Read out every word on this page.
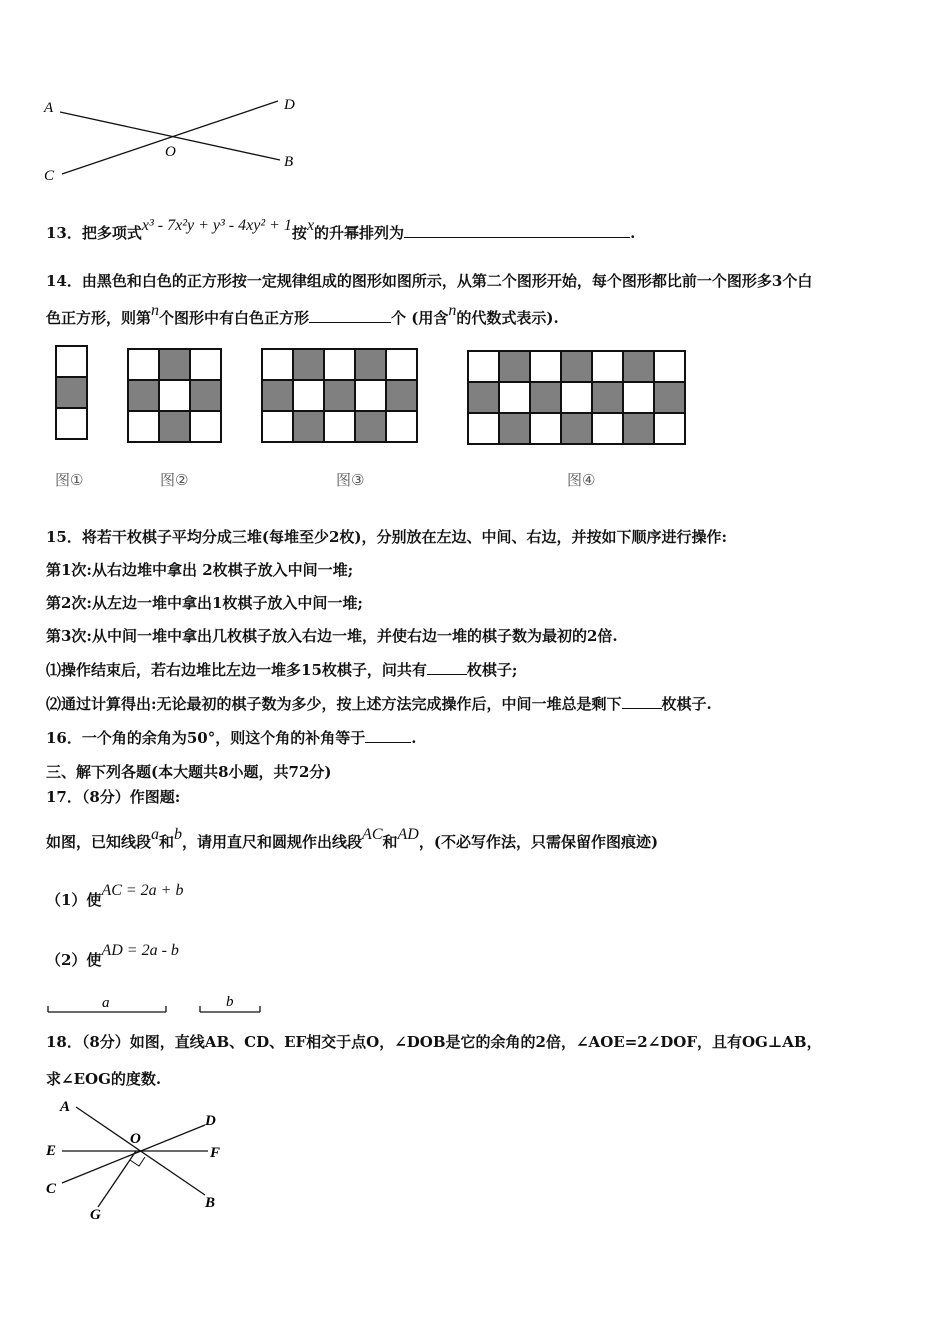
A	D
O
C
B
13．把多项式x³ - 7x²y + y³ - 4xy² + 1按x的升幂排列为	.
14．由黑色和白色的正方形按一定规律组成的图形如图所示，从第二个图形开始，每个图形都比前一个图形多3个白
色正方形，则第n个图形中有白色正方形	个 (用含n的代数式表示).

图①	图②	图③	图④
15．将若干枚棋子平均分成三堆(每堆至少2枚)，分别放在左边、中间、右边，并按如下顺序进行操作:
第1次:从右边堆中拿出 2枚棋子放入中间一堆;
第2次:从左边一堆中拿出1枚棋子放入中间一堆;
第3次:从中间一堆中拿出几枚棋子放入右边一堆，并使右边一堆的棋子数为最初的2倍.
⑴操作结束后，若右边堆比左边一堆多15枚棋子，问共有	枚棋子;
⑵通过计算得出:无论最初的棋子数为多少，按上述方法完成操作后，中间一堆总是剩下	枚棋子.
16．一个角的余角为50°，则这个角的补角等于	.
三、解下列各题(本大题共8小题，共72分)
17．（8分）作图题:
如图，已知线段a和b，请用直尺和圆规作出线段AC和AD，(不必写作法，只需保留作图痕迹)
（1）使AC = 2a + b
（2）使AD = 2a - b
a	b
18．（8分）如图，直线AB、CD、EF相交于点O，∠DOB是它的余角的2倍，∠AOE=2∠DOF，且有OG⊥AB，
求∠EOG的度数.
A
D
E
O
F
C
G
B
